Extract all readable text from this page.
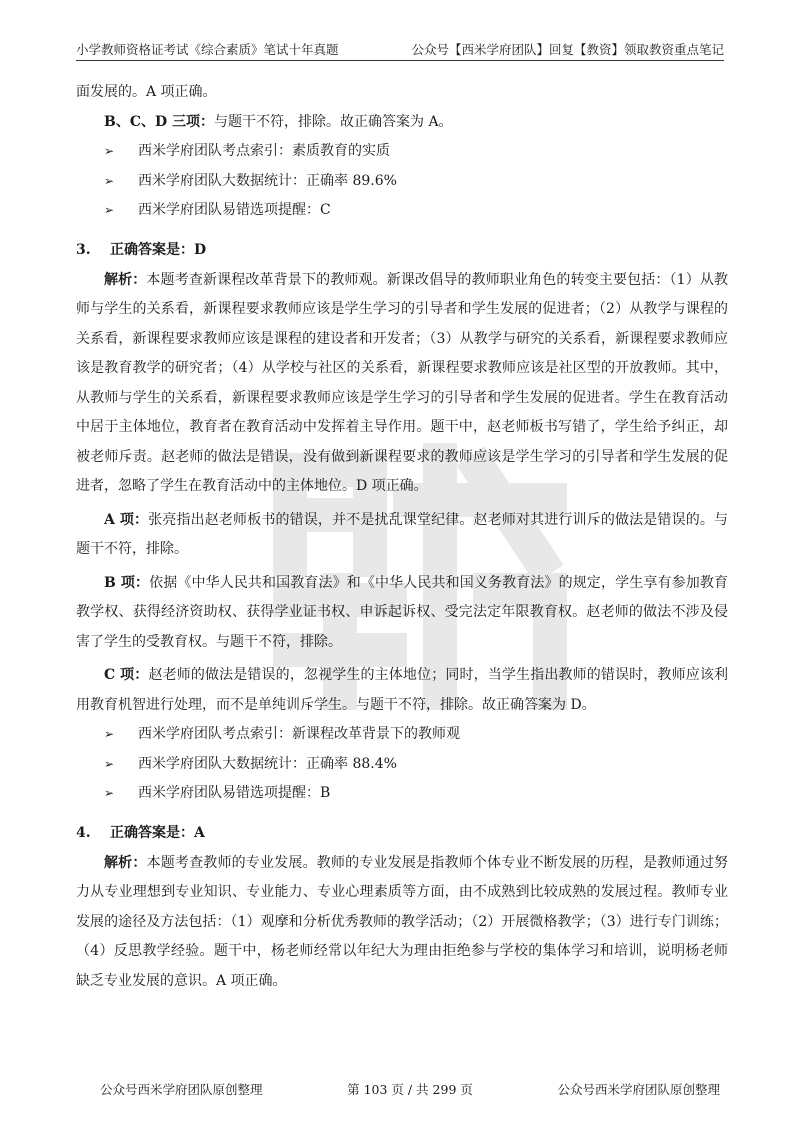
小学教师资格证考试《综合素质》笔试十年真题	公众号【西米学府团队】回复【教资】领取教资重点笔记

面发展的。A 项正确。

B、C、D 三项：与题干不符，排除。故正确答案为 A。

➢	西米学府团队考点索引：素质教育的实质
➢	西米学府团队大数据统计：正确率 89.6%
➢	西米学府团队易错选项提醒：C
3. 正确答案是：D

解析：本题考查新课程改革背景下的教师观。新课改倡导的教师职业角色的转变主要包括：（1）从教师与学生的关系看，新课程要求教师应该是学生学习的引导者和学生发展的促进者；（2）从教学与课程的关系看，新课程要求教师应该是课程的建设者和开发者；（3）从教学与研究的关系看，新课程要求教师应该是教育教学的研究者；（4）从学校与社区的关系看，新课程要求教师应该是社区型的开放教师。其中，从教师与学生的关系看，新课程要求教师应该是学生学习的引导者和学生发展的促进者。学生在教育活动中居于主体地位，教育者在教育活动中发挥着主导作用。题干中，赵老师板书写错了，学生给予纠正，却被老师斥责。赵老师的做法是错误，没有做到新课程要求的教师应该是学生学习的引导者和学生发展的促进者，忽略了学生在教育活动中的主体地位。D 项正确。

A 项：张亮指出赵老师板书的错误，并不是扰乱课堂纪律。赵老师对其进行训斥的做法是错误的。与题干不符，排除。

B 项：依据《中华人民共和国教育法》和《中华人民共和国义务教育法》的规定，学生享有参加教育教学权、获得经济资助权、获得学业证书权、申诉起诉权、受完法定年限教育权。赵老师的做法不涉及侵害了学生的受教育权。与题干不符，排除。

C 项：赵老师的做法是错误的，忽视学生的主体地位；同时，当学生指出教师的错误时，教师应该利用教育机智进行处理，而不是单纯训斥学生。与题干不符，排除。故正确答案为 D。

➢	西米学府团队考点索引：新课程改革背景下的教师观
➢	西米学府团队大数据统计：正确率 88.4%
➢	西米学府团队易错选项提醒：B
4. 正确答案是：A

解析：本题考查教师的专业发展。教师的专业发展是指教师个体专业不断发展的历程，是教师通过努力从专业理想到专业知识、专业能力、专业心理素质等方面，由不成熟到比较成熟的发展过程。教师专业发展的途径及方法包括：（1）观摩和分析优秀教师的教学活动；（2）开展微格教学；（3）进行专门训练；（4）反思教学经验。题干中，杨老师经常以年纪大为理由拒绝参与学校的集体学习和培训，说明杨老师缺乏专业发展的意识。A 项正确。

公众号西米学府团队原创整理	第 103 页 / 共 299 页	公众号西米学府团队原创整理
